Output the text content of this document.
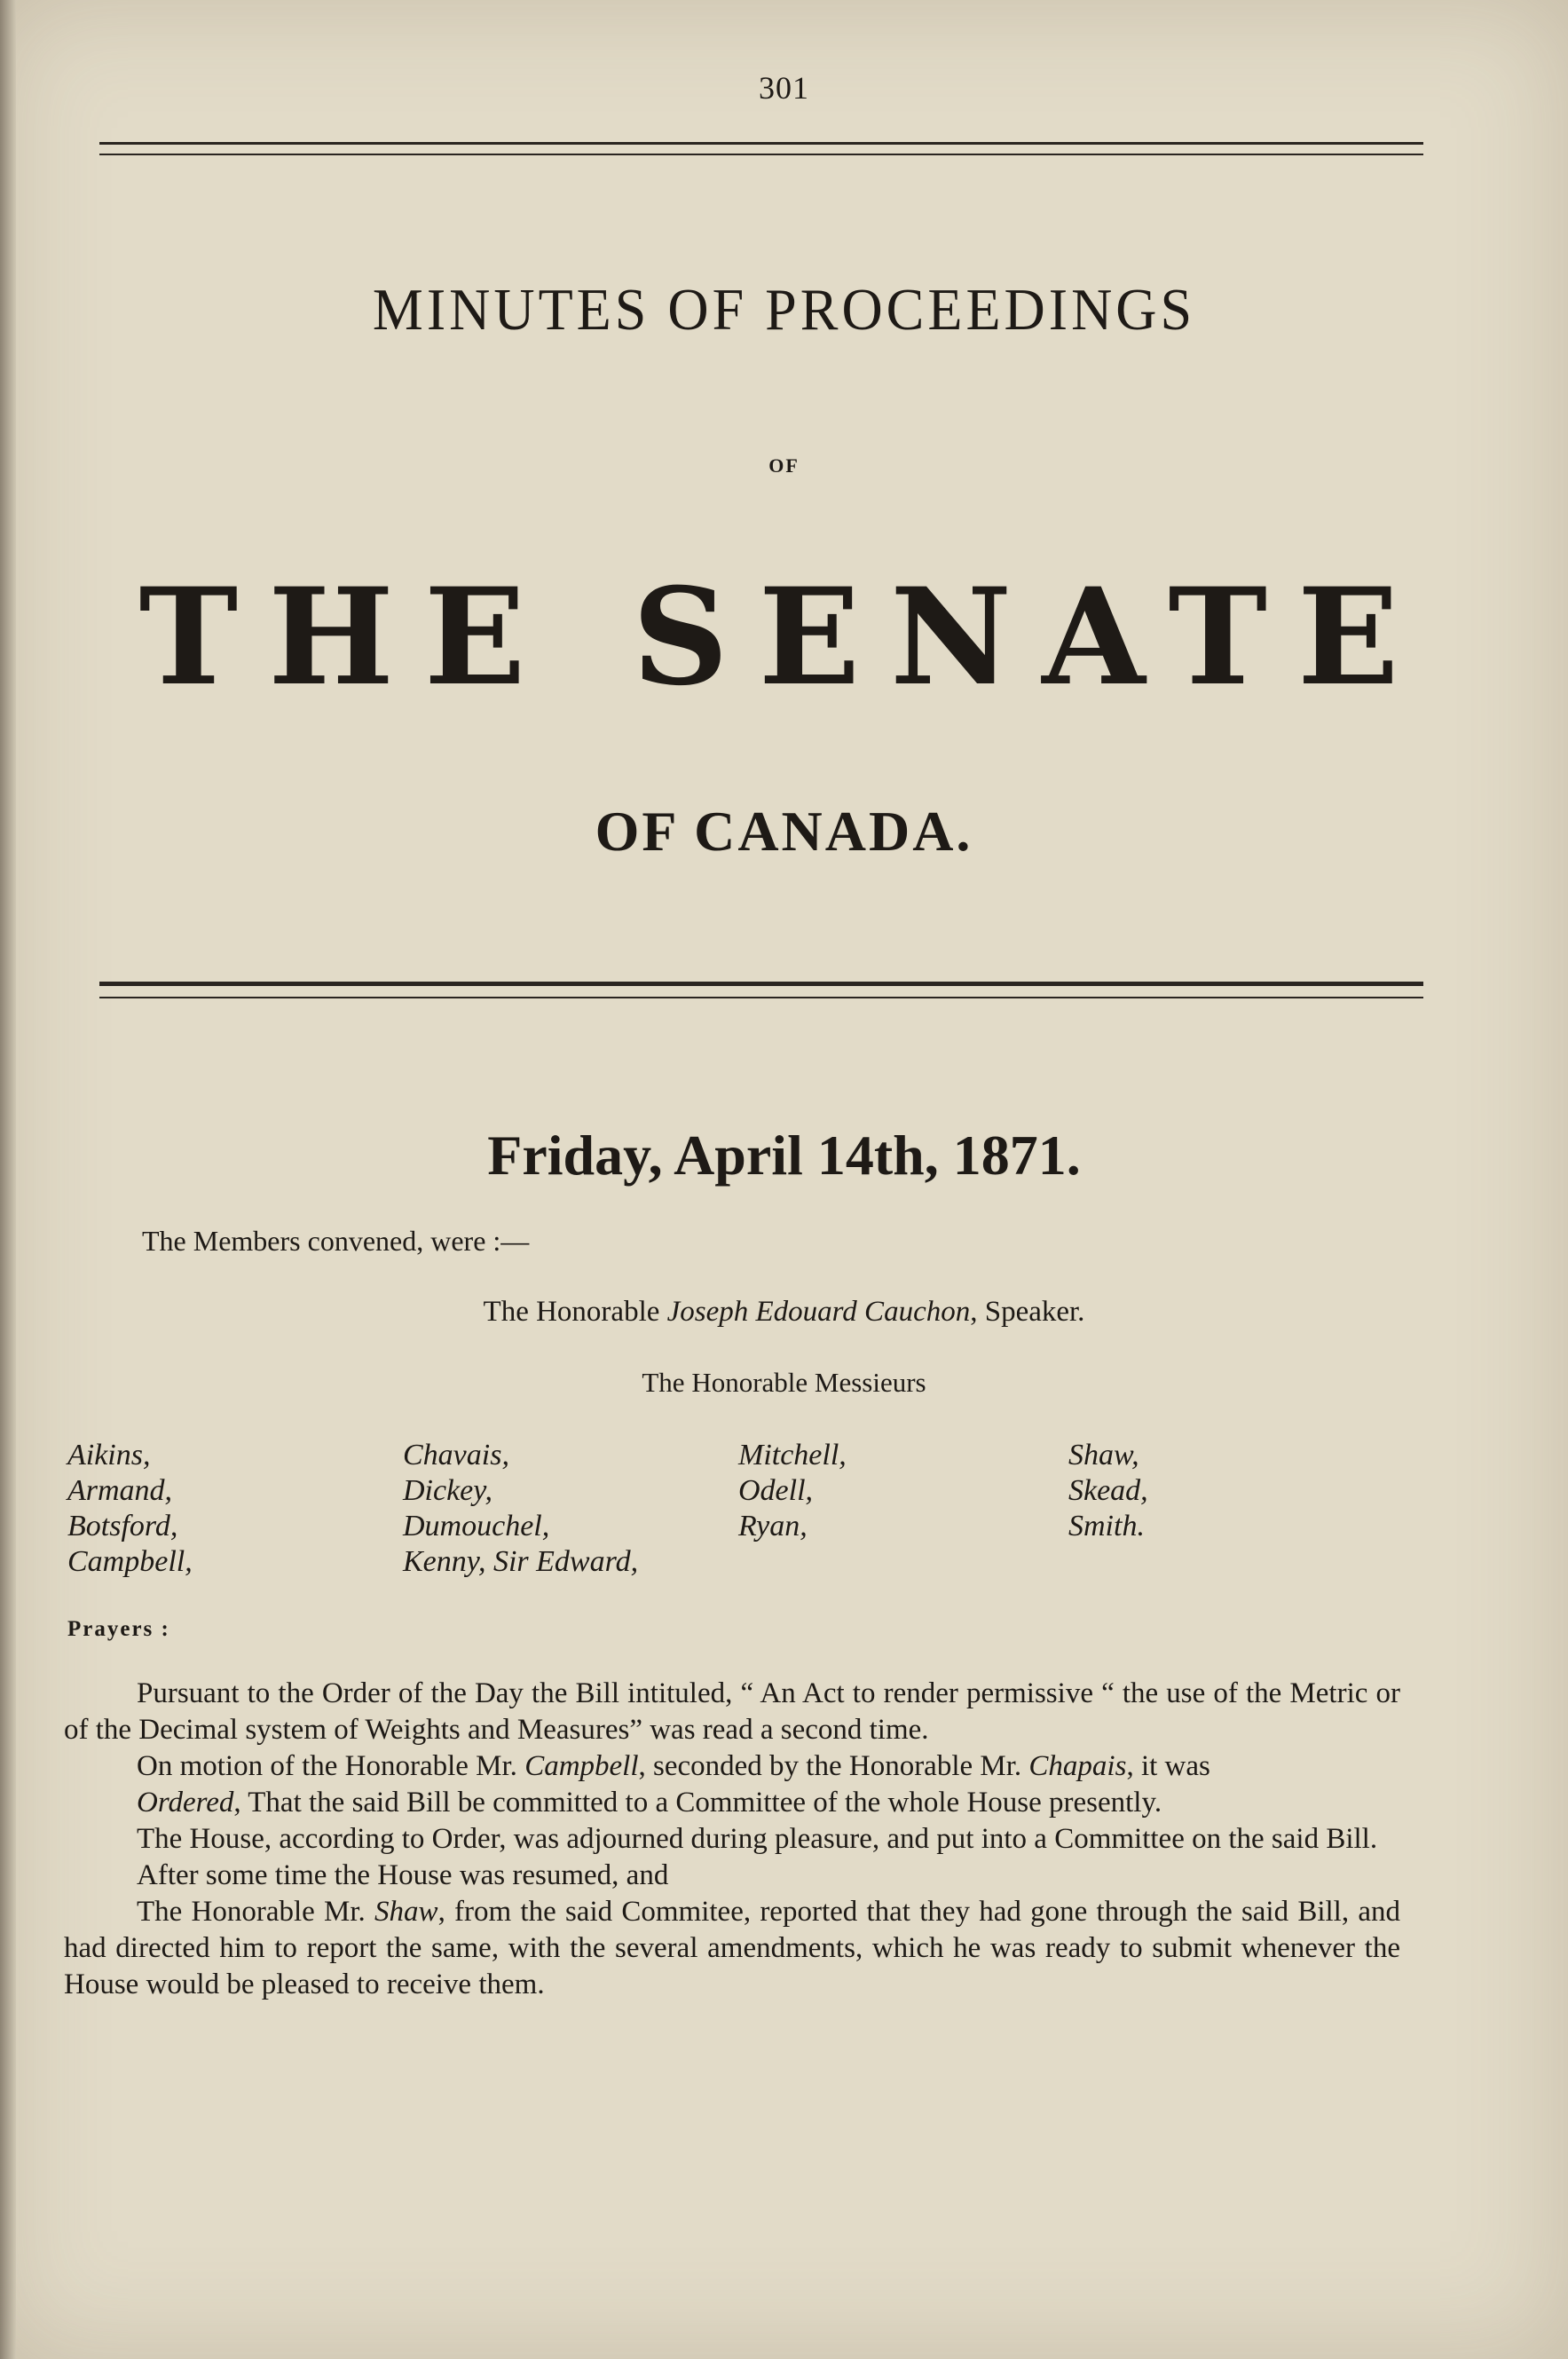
301
MINUTES OF PROCEEDINGS
OF
THE SENATE
OF CANADA.
Friday, April 14th, 1871.
The Members convened, were :—
The Honorable Joseph Edouard Cauchon, Speaker.
The Honorable Messieurs
Aikins,
Armand,
Botsford,
Campbell,
Chavais,
Dickey,
Dumouchel,
Kenny, Sir Edward,
Mitchell,
Odell,
Ryan,
Shaw,
Skead,
Smith.
Prayers :

Pursuant to the Order of the Day the Bill intituled, “ An Act to render permissive “ the use of the Metric or of the Decimal system of Weights and Measures” was read a second time.

On motion of the Honorable Mr. Campbell, seconded by the Honorable Mr. Chapais, it was

Ordered, That the said Bill be committed to a Committee of the whole House presently.

The House, according to Order, was adjourned during pleasure, and put into a Committee on the said Bill.

After some time the House was resumed, and

The Honorable Mr. Shaw, from the said Commitee, reported that they had gone through the said Bill, and had directed him to report the same, with the several amendments, which he was ready to submit whenever the House would be pleased to receive them.
